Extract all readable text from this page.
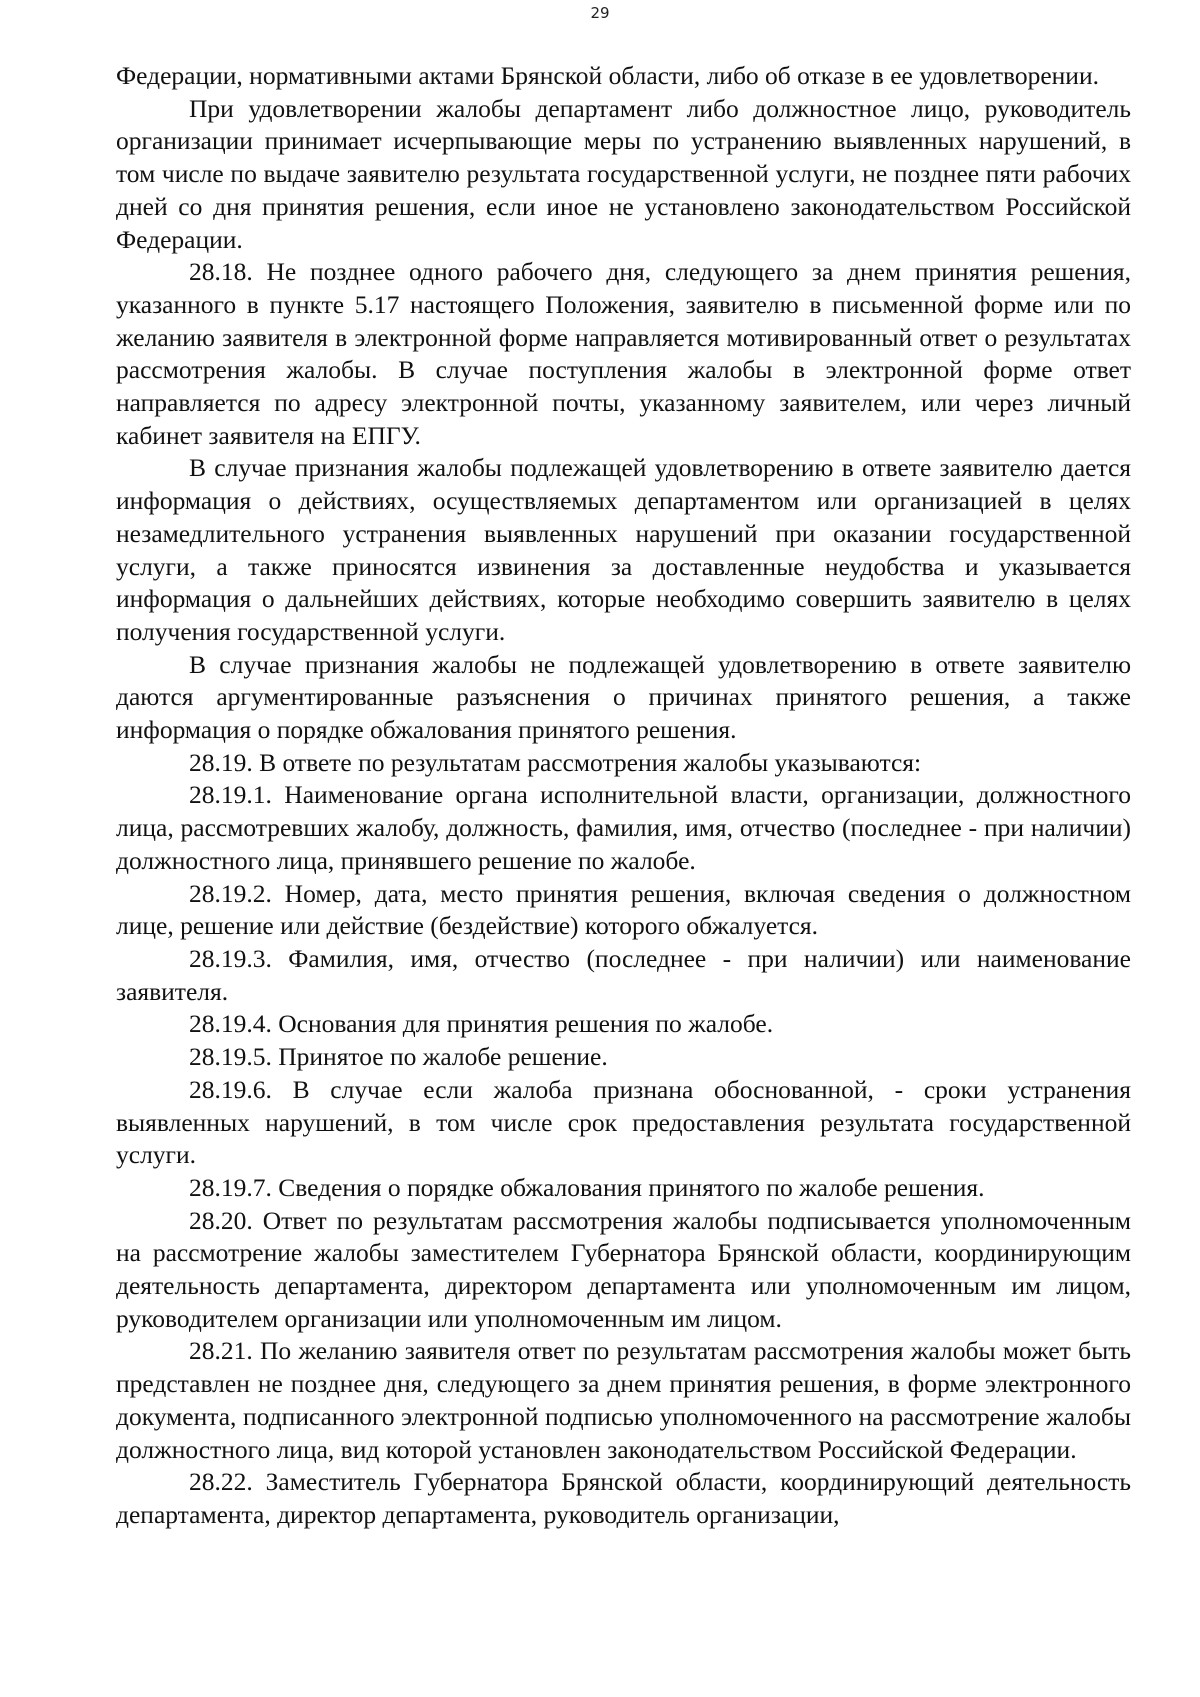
29

Федерации, нормативными актами Брянской области, либо об отказе в ее удовлетворении.

При удовлетворении жалобы департамент либо должностное лицо, руководитель организации принимает исчерпывающие меры по устранению выявленных нарушений, в том числе по выдаче заявителю результата государственной услуги, не позднее пяти рабочих дней со дня принятия решения, если иное не установлено законодательством Российской Федерации.

28.18. Не позднее одного рабочего дня, следующего за днем принятия решения, указанного в пункте 5.17 настоящего Положения, заявителю в письменной форме или по желанию заявителя в электронной форме направляется мотивированный ответ о результатах рассмотрения жалобы. В случае поступления жалобы в электронной форме ответ направляется по адресу электронной почты, указанному заявителем, или через личный кабинет заявителя на ЕПГУ.

В случае признания жалобы подлежащей удовлетворению в ответе заявителю дается информация о действиях, осуществляемых департаментом или организацией в целях незамедлительного устранения выявленных нарушений при оказании государственной услуги, а также приносятся извинения за доставленные неудобства и указывается информация о дальнейших действиях, которые необходимо совершить заявителю в целях получения государственной услуги.

В случае признания жалобы не подлежащей удовлетворению в ответе заявителю даются аргументированные разъяснения о причинах принятого решения, а также информация о порядке обжалования принятого решения.

28.19. В ответе по результатам рассмотрения жалобы указываются:

28.19.1. Наименование органа исполнительной власти, организации, должностного лица, рассмотревших жалобу, должность, фамилия, имя, отчество (последнее - при наличии) должностного лица, принявшего решение по жалобе.

28.19.2. Номер, дата, место принятия решения, включая сведения о должностном лице, решение или действие (бездействие) которого обжалуется.

28.19.3. Фамилия, имя, отчество (последнее - при наличии) или наименование заявителя.

28.19.4. Основания для принятия решения по жалобе.

28.19.5. Принятое по жалобе решение.

28.19.6. В случае если жалоба признана обоснованной, - сроки устранения выявленных нарушений, в том числе срок предоставления результата государственной услуги.

28.19.7. Сведения о порядке обжалования принятого по жалобе решения.

28.20. Ответ по результатам рассмотрения жалобы подписывается уполномоченным на рассмотрение жалобы заместителем Губернатора Брянской области, координирующим деятельность департамента, директором департамента или уполномоченным им лицом, руководителем организации или уполномоченным им лицом.

28.21. По желанию заявителя ответ по результатам рассмотрения жалобы может быть представлен не позднее дня, следующего за днем принятия решения, в форме электронного документа, подписанного электронной подписью уполномоченного на рассмотрение жалобы должностного лица, вид которой установлен законодательством Российской Федерации.

28.22. Заместитель Губернатора Брянской области, координирующий деятельность департамента, директор департамента, руководитель организации,
